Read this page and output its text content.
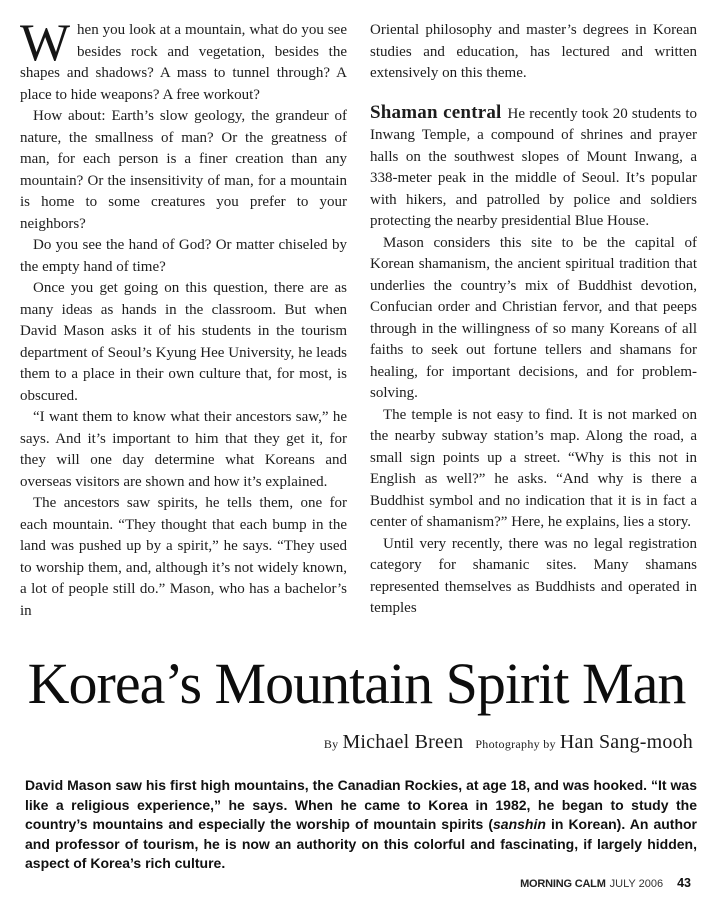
When you look at a mountain, what do you see besides rock and vegetation, besides the shapes and shadows? A mass to tunnel through? A place to hide weapons? A free workout?

How about: Earth’s slow geology, the grandeur of nature, the smallness of man? Or the greatness of man, for each person is a finer creation than any mountain? Or the insensitivity of man, for a mountain is home to some creatures you prefer to your neighbors?

Do you see the hand of God? Or matter chiseled by the empty hand of time?

Once you get going on this question, there are as many ideas as hands in the classroom. But when David Mason asks it of his students in the tourism department of Seoul’s Kyung Hee University, he leads them to a place in their own culture that, for most, is obscured.

“I want them to know what their ancestors saw,” he says. And it’s important to him that they get it, for they will one day determine what Koreans and overseas visitors are shown and how it’s explained.

The ancestors saw spirits, he tells them, one for each mountain. “They thought that each bump in the land was pushed up by a spirit,” he says. “They used to worship them, and, although it’s not widely known, a lot of people still do.” Mason, who has a bachelor’s in

Oriental philosophy and master’s degrees in Korean studies and education, has lectured and written extensively on this theme.

Shaman central He recently took 20 students to Inwang Temple, a compound of shrines and prayer halls on the southwest slopes of Mount Inwang, a 338-meter peak in the middle of Seoul. It’s popular with hikers, and patrolled by police and soldiers protecting the nearby presidential Blue House.

Mason considers this site to be the capital of Korean shamanism, the ancient spiritual tradition that underlies the country’s mix of Buddhist devotion, Confucian order and Christian fervor, and that peeps through in the willingness of so many Koreans of all faiths to seek out fortune tellers and shamans for healing, for important decisions, and for problem-solving.

The temple is not easy to find. It is not marked on the nearby subway station’s map. Along the road, a small sign points up a street. “Why is this not in English as well?” he asks. “And why is there a Buddhist symbol and no indication that it is in fact a center of shamanism?” Here, he explains, lies a story.

Until very recently, there was no legal registration category for shamanic sites. Many shamans represented themselves as Buddhists and operated in temples

Korea’s Mountain Spirit Man
By Michael Breen Photography by Han Sang-mooh

David Mason saw his first high mountains, the Canadian Rockies, at age 18, and was hooked. “It was like a religious experience,” he says. When he came to Korea in 1982, he began to study the country’s mountains and especially the worship of mountain spirits (sanshin in Korean). An author and professor of tourism, he is now an authority on this colorful and fascinating, if largely hidden, aspect of Korea’s rich culture.

MORNING CALM JULY 2006 43
